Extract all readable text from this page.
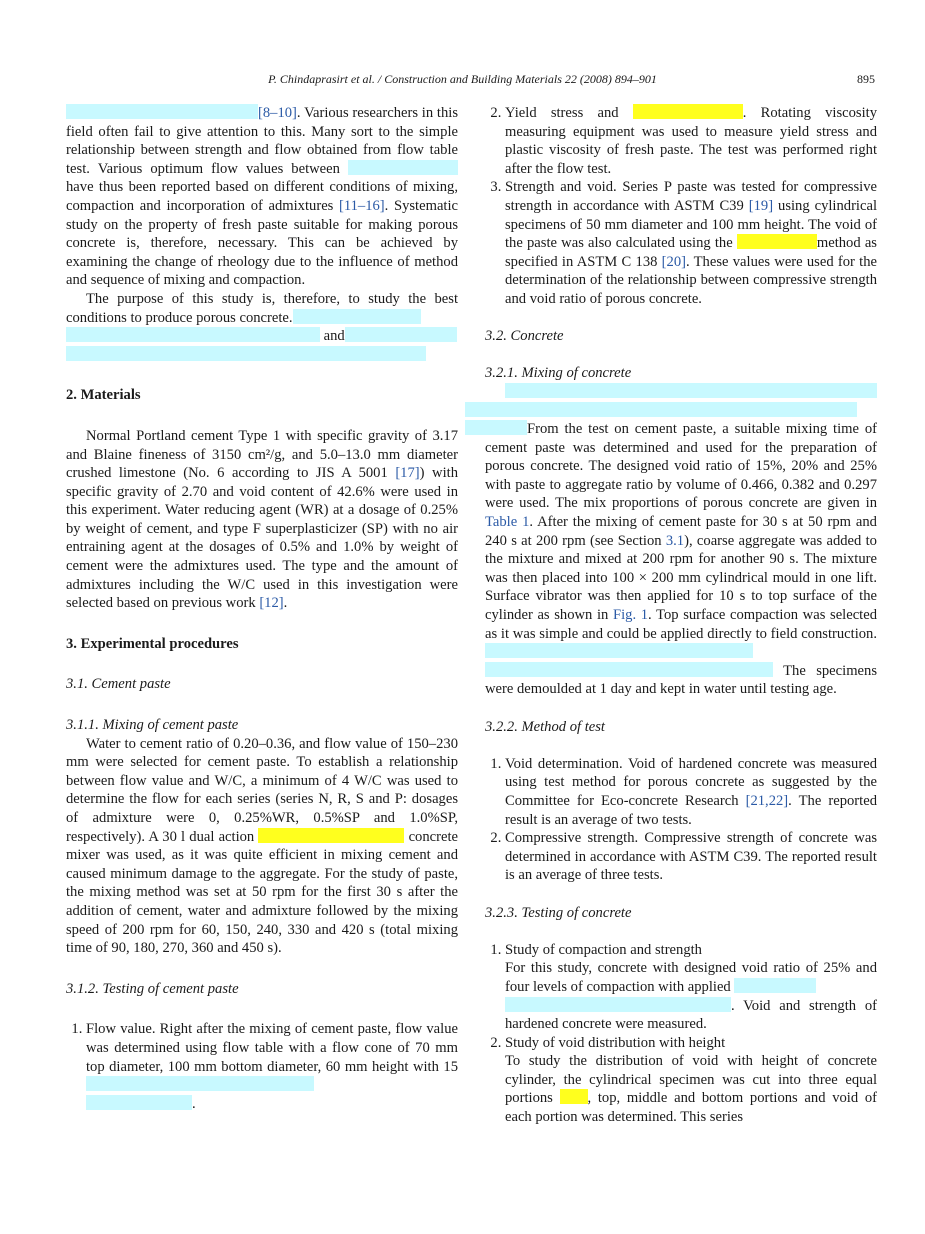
P. Chindaprasirt et al. / Construction and Building Materials 22 (2008) 894–901	895

[8–10]. Various researchers in this field often fail to give attention to this. Many sort to the simple relationship between strength and flow obtained from flow table test. Various optimum flow values between have thus been reported based on different conditions of mixing, compaction and incorporation of admixtures [11–16]. Systematic study on the property of fresh paste suitable for making porous concrete is, therefore, necessary. This can be achieved by examining the change of rheology due to the influence of method and sequence of mixing and compaction.

The purpose of this study is, therefore, to study the best conditions to produce porous concrete.
and

2. Materials

Normal Portland cement Type 1 with specific gravity of 3.17 and Blaine fineness of 3150 cm²/g, and 5.0–13.0 mm diameter crushed limestone (No. 6 according to JIS A 5001 [17]) with specific gravity of 2.70 and void content of 42.6% were used in this experiment. Water reducing agent (WR) at a dosage of 0.25% by weight of cement, and type F superplasticizer (SP) with no air entraining agent at the dosages of 0.5% and 1.0% by weight of cement were the admixtures used. The type and the amount of admixtures including the W/C used in this investigation were selected based on previous work [12].

3. Experimental procedures

3.1. Cement paste

3.1.1. Mixing of cement paste

Water to cement ratio of 0.20–0.36, and flow value of 150–230 mm were selected for cement paste. To establish a relationship between flow value and W/C, a minimum of 4 W/C was used to determine the flow for each series (series N, R, S and P: dosages of admixture were 0, 0.25%WR, 0.5%SP and 1.0%SP, respectively). A 30 l dual action	concrete mixer was used, as it was quite efficient in mixing cement and caused minimum damage to the aggregate. For the study of paste, the mixing method was set at 50 rpm for the first 30 s after the addition of cement, water and admixture followed by the mixing speed of 200 rpm for 60, 150, 240, 330 and 420 s (total mixing time of 90, 180, 270, 360 and 450 s).

3.1.2. Testing of cement paste

1. Flow value. Right after the mixing of cement paste, flow value was determined using flow table with a flow cone of 70 mm top diameter, 100 mm bottom diameter, 60 mm height with 15
.
2. Yield stress and	. Rotating viscosity measuring equipment was used to measure yield stress and plastic viscosity of fresh paste. The test was performed right after the flow test.
3. Strength and void. Series P paste was tested for compressive strength in accordance with ASTM C39 [19] using cylindrical specimens of 50 mm diameter and 100 mm height. The void of the paste was also calculated using the	method as specified in ASTM C 138 [20]. These values were used for the determination of the relationship between compressive strength and void ratio of porous concrete.

3.2. Concrete

3.2.1. Mixing of concrete

From the test on cement paste, a suitable mixing time of cement paste was determined and used for the preparation of porous concrete. The designed void ratio of 15%, 20% and 25% with paste to aggregate ratio by volume of 0.466, 0.382 and 0.297 were used. The mix proportions of porous concrete are given in Table 1. After the mixing of cement paste for 30 s at 50 rpm and 240 s at 200 rpm (see Section 3.1), coarse aggregate was added to the mixture and mixed at 200 rpm for another 90 s. The mixture was then placed into 100 × 200 mm cylindrical mould in one lift. Surface vibrator was then applied for 10 s to top surface of the cylinder as shown in Fig. 1. Top surface compaction was selected as it was simple and could be applied directly to field construction.
The specimens were demoulded at 1 day and kept in water until testing age.

3.2.2. Method of test

1. Void determination. Void of hardened concrete was measured using test method for porous concrete as suggested by the Committee for Eco-concrete Research [21,22]. The reported result is an average of two tests.
2. Compressive strength. Compressive strength of concrete was determined in accordance with ASTM C39. The reported result is an average of three tests.

3.2.3. Testing of concrete

1. Study of compaction and strength
For this study, concrete with designed void ratio of 25% and four levels of compaction with applied
. Void and strength of hardened concrete were measured.
2. Study of void distribution with height
To study the distribution of void with height of concrete cylinder, the cylindrical specimen was cut into three equal portions , top, middle and bottom portions and void of each portion was determined. This series
